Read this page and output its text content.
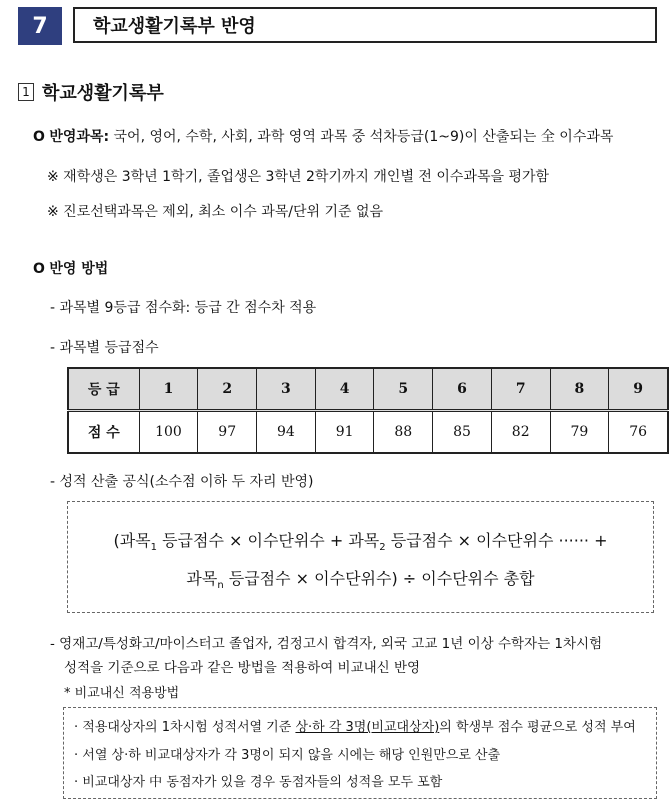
7	학교생활기록부 반영
1 학교생활기록부
O 반영과목: 국어, 영어, 수학, 사회, 과학 영역 과목 중 석차등급(1~9)이 산출되는 全 이수과목
※ 재학생은 3학년 1학기, 졸업생은 3학년 2학기까지 개인별 전 이수과목을 평가함
※ 진로선택과목은 제외, 최소 이수 과목/단위 기준 없음
O 반영 방법
- 과목별 9등급 점수화: 등급 간 점수차 적용
- 과목별 등급점수
등 급	1	2	3	4	5	6	7	8	9
점 수	100	97	94	91	88	85	82	79	76
- 성적 산출 공식(소수점 이하 두 자리 반영)
(과목$_1$ 등급점수 × 이수단위수 + 과목$_2$ 등급점수 × 이수단위수 ······ +
과목$_n$ 등급점수 × 이수단위수) ÷ 이수단위수 총합
- 영재고/특성화고/마이스터고 졸업자, 검정고시 합격자, 외국 고교 1년 이상 수학자는 1차시험
성적을 기준으로 다음과 같은 방법을 적용하여 비교내신 반영
* 비교내신 적용방법
· 적용대상자의 1차시험 성적서열 기준 상·하 각 3명(비교대상자)의 학생부 점수 평균으로 성적 부여
· 서열 상·하 비교대상자가 각 3명이 되지 않을 시에는 해당 인원만으로 산출
· 비교대상자 中 동점자가 있을 경우 동점자들의 성적을 모두 포함
